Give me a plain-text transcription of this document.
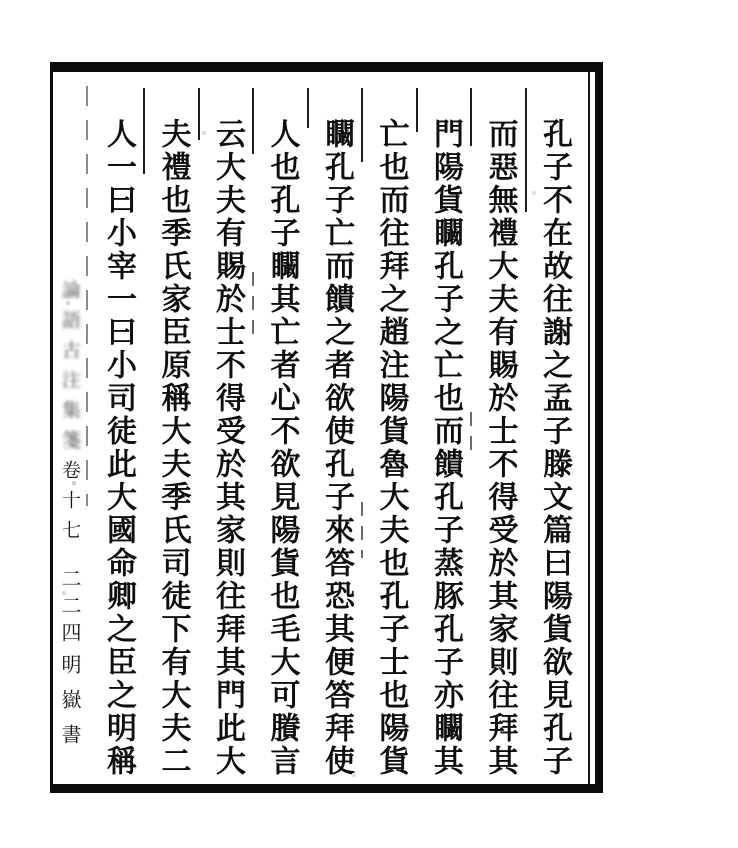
論語古注集箋卷十七
二二四
明嶽書	孔子不在故往謝之孟子滕文篇曰陽貨欲見孔子
而惡無禮大夫有賜於士不得受於其家則往拜其
門陽貨矙孔子之亡也而饋孔子蒸豚孔子亦矙其
亡也而往拜之趙注陽貨魯大夫也孔子士也陽貨
矙孔子亡而饋之者欲使孔子來答恐其便答拜使
人也孔子矙其亡者心不欲見陽貨也毛大可賸言
云大夫有賜於士不得受於其家則往拜其門此大
夫禮也季氏家臣原稱大夫季氏司徒下有大夫二
人一曰小宰一曰小司徒此大國命卿之臣之明稱
